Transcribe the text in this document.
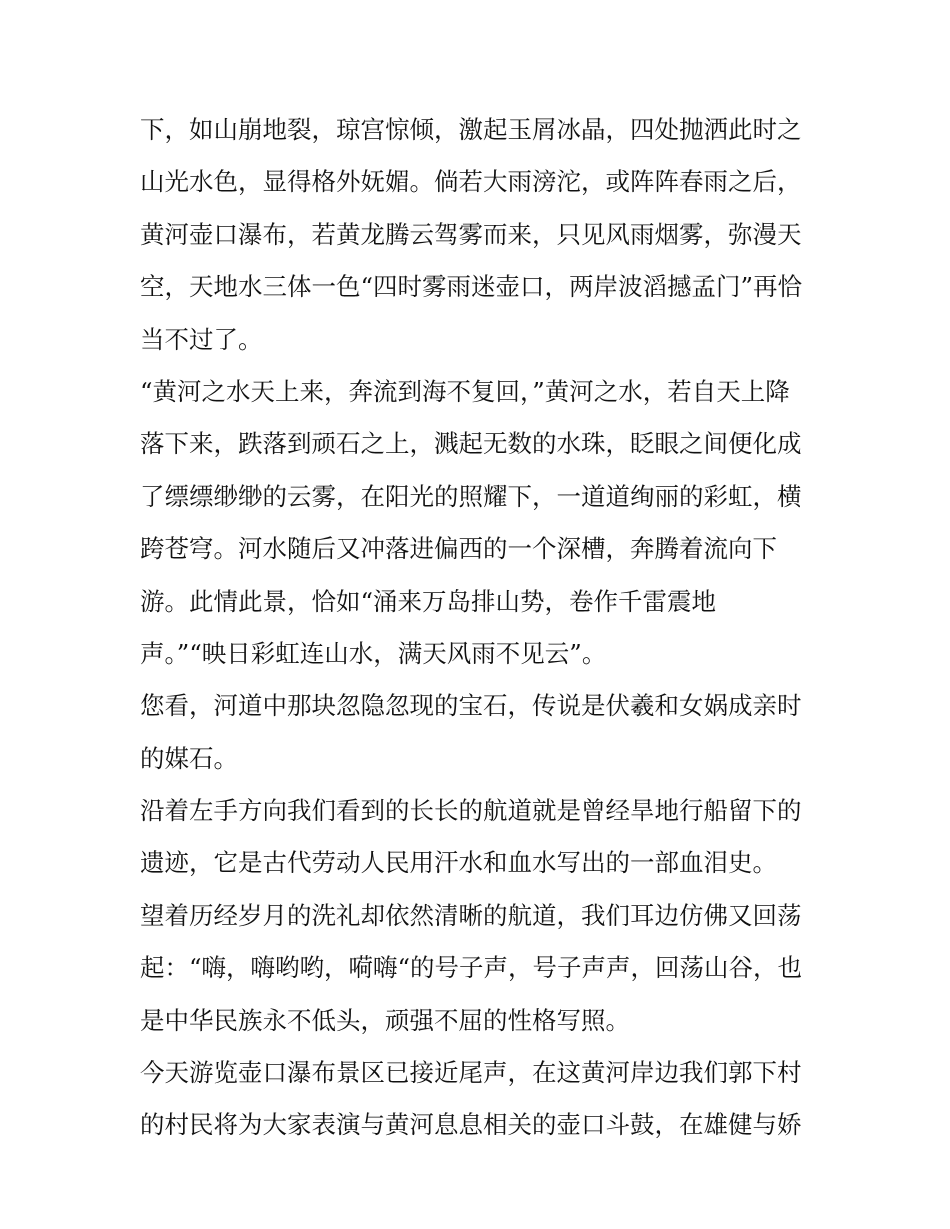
下，如山崩地裂，琼宫惊倾，激起玉屑冰晶，四处抛洒此时之
山光水色，显得格外妩媚。倘若大雨滂沱，或阵阵春雨之后，
黄河壶口瀑布，若黄龙腾云驾雾而来，只见风雨烟雾，弥漫天
空，天地水三体一色“四时雾雨迷壶口，两岸波滔撼孟门”再恰
当不过了。
“黄河之水天上来，奔流到海不复回，”黄河之水，若自天上降
落下来，跌落到顽石之上，溅起无数的水珠，眨眼之间便化成
了缥缥缈缈的云雾，在阳光的照耀下，一道道绚丽的彩虹，横
跨苍穹。河水随后又冲落进偏西的一个深槽，奔腾着流向下
游。此情此景，恰如“涌来万岛排山势，卷作千雷震地
声。”“映日彩虹连山水，满天风雨不见云”。
您看，河道中那块忽隐忽现的宝石，传说是伏羲和女娲成亲时
的媒石。
沿着左手方向我们看到的长长的航道就是曾经旱地行船留下的
遗迹，它是古代劳动人民用汗水和血水写出的一部血泪史。
望着历经岁月的洗礼却依然清晰的航道，我们耳边仿佛又回荡
起：“嗨，嗨哟哟，嗬嗨“的号子声，号子声声，回荡山谷，也
是中华民族永不低头，顽强不屈的性格写照。
今天游览壶口瀑布景区已接近尾声，在这黄河岸边我们郭下村
的村民将为大家表演与黄河息息相关的壶口斗鼓，在雄健与娇
